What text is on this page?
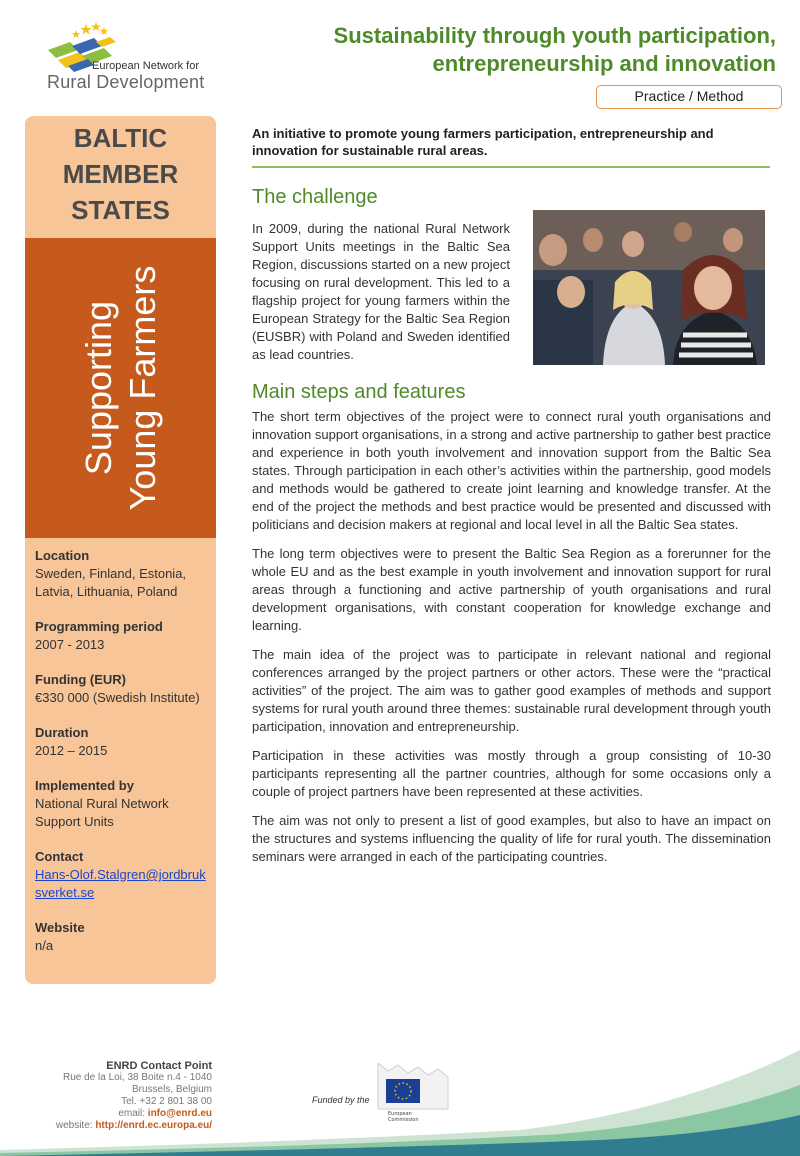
European Network for
Rural Development
Sustainability through youth participation,
entrepreneurship and innovation
Practice / Method
BALTIC MEMBER STATES
Supporting Young Farmers
Location
Sweden, Finland, Estonia, Latvia, Lithuania, Poland
Programming period
2007 - 2013
Funding (EUR)
€330 000 (Swedish Institute)
Duration
2012 – 2015
Implemented by
National Rural Network Support Units
Contact
Hans-Olof.Stalgren@jordbruksverket.se
Website
n/a
An initiative to promote young farmers participation, entrepreneurship and innovation for sustainable rural areas.
The challenge
In 2009, during the national Rural Network Support Units meetings in the Baltic Sea Region, discussions started on a new project focusing on rural development. This led to a flagship project for young farmers within the European Strategy for the Baltic Sea Region (EUSBR) with Poland and Sweden identified as lead countries.
Main steps and features

The short term objectives of the project were to connect rural youth organisations and innovation support organisations, in a strong and active partnership to gather best practice and experience in both youth involvement and innovation support from the Baltic Sea states. Through participation in each other’s activities within the partnership, good models and methods would be gathered to create joint learning and knowledge transfer. At the end of the project the methods and best practice would be presented and discussed with politicians and decision makers at regional and local level in all the Baltic Sea states.

The long term objectives were to present the Baltic Sea Region as a forerunner for the whole EU and as the best example in youth involvement and innovation support for rural areas through a functioning and active partnership of youth organisations and rural development organisations, with constant cooperation for knowledge exchange and learning.

The main idea of the project was to participate in relevant national and regional conferences arranged by the project partners or other actors. These were the “practical activities” of the project. The aim was to gather good examples of methods and support systems for rural youth around three themes: sustainable rural development through youth participation, innovation and entrepreneurship.

Participation in these activities was mostly through a group consisting of 10-30 participants representing all the partner countries, although for some occasions only a couple of project partners have been represented at these activities.

The aim was not only to present a list of good examples, but also to have an impact on the structures and systems influencing the quality of life for rural youth. The dissemination seminars were arranged in each of the participating countries.

ENRD Contact Point
Rue de la Loi, 38 Boite n.4 - 1040
Brussels, Belgium
Tel. +32 2 801 38 00
email: info@enrd.eu
website: http://enrd.ec.europa.eu/
Funded by the
European
Commission
